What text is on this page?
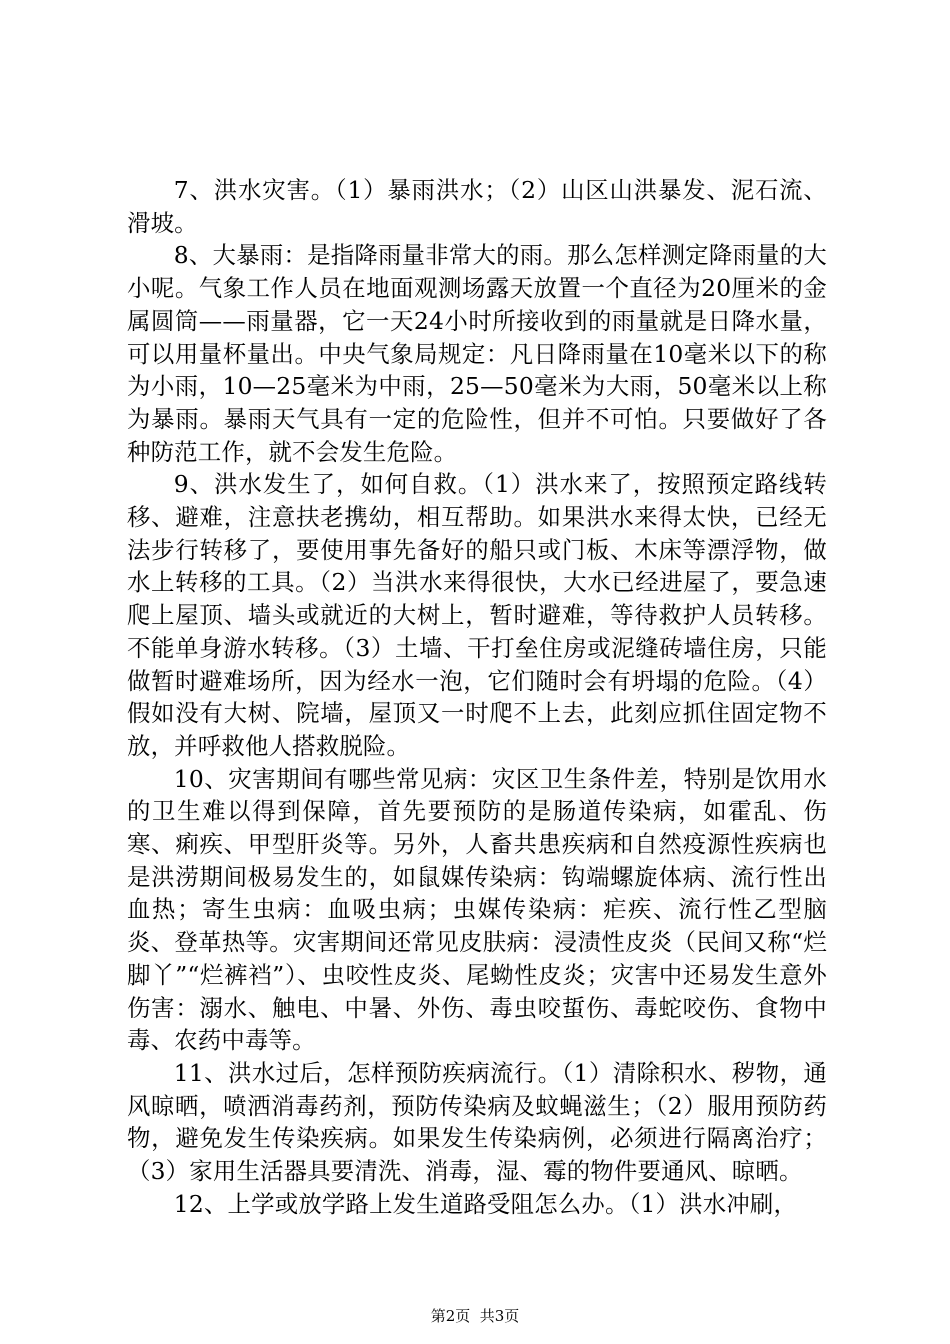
7、洪水灾害。（1）暴雨洪水；（2）山区山洪暴发、泥石流、滑坡。

8、大暴雨：是指降雨量非常大的雨。那么怎样测定降雨量的大小呢。气象工作人员在地面观测场露天放置一个直径为20厘米的金属圆筒——雨量器，它一天24小时所接收到的雨量就是日降水量，可以用量杯量出。中央气象局规定：凡日降雨量在10毫米以下的称为小雨，10—25毫米为中雨，25—50毫米为大雨，50毫米以上称为暴雨。暴雨天气具有一定的危险性，但并不可怕。只要做好了各种防范工作，就不会发生危险。

9、洪水发生了，如何自救。（1）洪水来了，按照预定路线转移、避难，注意扶老携幼，相互帮助。如果洪水来得太快，已经无法步行转移了，要使用事先备好的船只或门板、木床等漂浮物，做水上转移的工具。（2）当洪水来得很快，大水已经进屋了，要急速爬上屋顶、墙头或就近的大树上，暂时避难，等待救护人员转移。不能单身游水转移。（3）土墙、干打垒住房或泥缝砖墙住房，只能做暂时避难场所，因为经水一泡，它们随时会有坍塌的危险。（4）假如没有大树、院墙，屋顶又一时爬不上去，此刻应抓住固定物不放，并呼救他人搭救脱险。

10、灾害期间有哪些常见病：灾区卫生条件差，特别是饮用水的卫生难以得到保障，首先要预防的是肠道传染病，如霍乱、伤寒、痢疾、甲型肝炎等。另外，人畜共患疾病和自然疫源性疾病也是洪涝期间极易发生的，如鼠媒传染病：钩端螺旋体病、流行性出血热；寄生虫病：血吸虫病；虫媒传染病：疟疾、流行性乙型脑炎、登革热等。灾害期间还常见皮肤病：浸渍性皮炎（民间又称“烂脚丫”“烂裤裆”）、虫咬性皮炎、尾蚴性皮炎；灾害中还易发生意外伤害：溺水、触电、中暑、外伤、毒虫咬蜇伤、毒蛇咬伤、食物中毒、农药中毒等。

11、洪水过后，怎样预防疾病流行。（1）清除积水、秽物，通风晾晒，喷洒消毒药剂，预防传染病及蚊蝇滋生；（2）服用预防药物，避免发生传染疾病。如果发生传染病例，必须进行隔离治疗；（3）家用生活器具要清洗、消毒，湿、霉的物件要通风、晾晒。

12、上学或放学路上发生道路受阻怎么办。（1）洪水冲刷，

第2页  共3页
